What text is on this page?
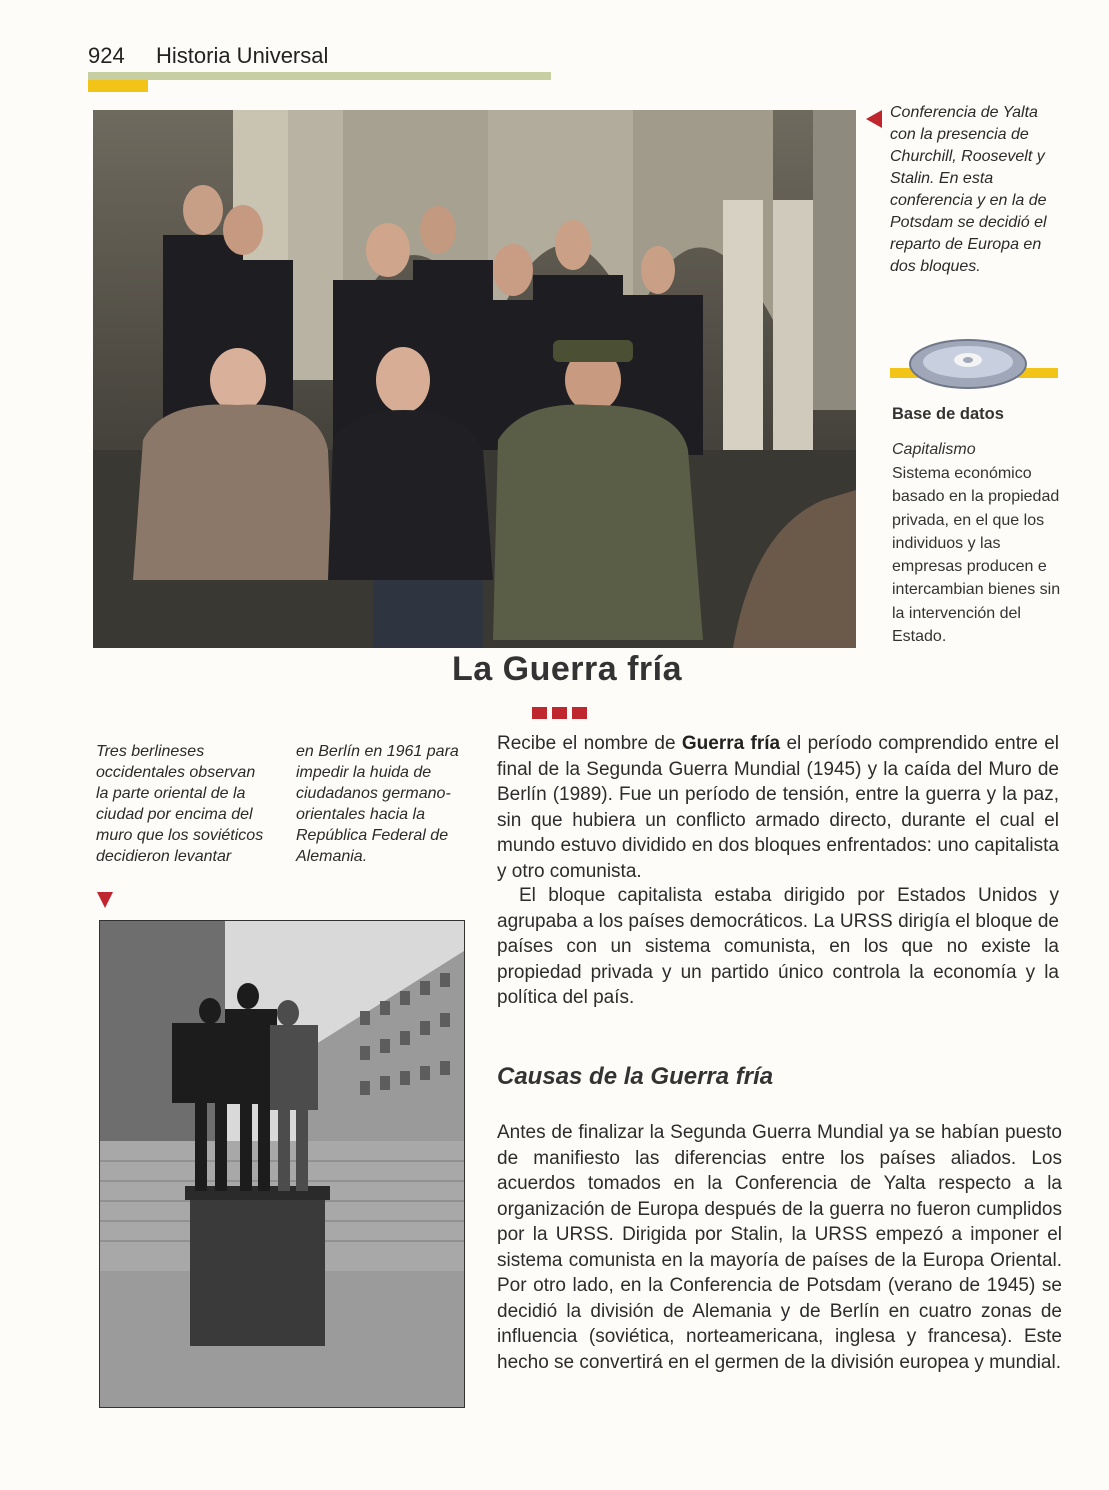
924 Historia Universal
Conferencia de Yalta con la presencia de Churchill, Roosevelt y Stalin. En esta conferencia y en la de Potsdam se decidió el reparto de Europa en dos bloques.
Base de datos
Capitalismo
Sistema económico basado en la propiedad privada, en el que los individuos y las empresas producen e intercambian bienes sin la intervención del Estado.
La Guerra fría
Tres berlineses occidentales observan la parte oriental de la ciudad por encima del muro que los soviéticos decidieron levantar
en Berlín en 1961 para impedir la huida de ciudadanos germano-orientales hacia la República Federal de Alemania.
Recibe el nombre de Guerra fría el período comprendido entre el final de la Segunda Guerra Mundial (1945) y la caída del Muro de Berlín (1989). Fue un período de tensión, entre la guerra y la paz, sin que hubiera un conflicto armado directo, durante el cual el mundo estuvo dividido en dos bloques enfrentados: uno capitalista y otro comunista.
El bloque capitalista estaba dirigido por Estados Unidos y agrupaba a los países democráticos. La URSS dirigía el bloque de países con un sistema comunista, en los que no existe la propiedad privada y un partido único controla la economía y la política del país.
Causas de la Guerra fría
Antes de finalizar la Segunda Guerra Mundial ya se habían puesto de manifiesto las diferencias entre los países aliados. Los acuerdos tomados en la Conferencia de Yalta respecto a la organización de Europa después de la guerra no fueron cumplidos por la URSS. Dirigida por Stalin, la URSS empezó a imponer el sistema comunista en la mayoría de países de la Europa Oriental. Por otro lado, en la Conferencia de Potsdam (verano de 1945) se decidió la división de Alemania y de Berlín en cuatro zonas de influencia (soviética, norteamericana, inglesa y francesa). Este hecho se convertirá en el germen de la división europea y mundial.
